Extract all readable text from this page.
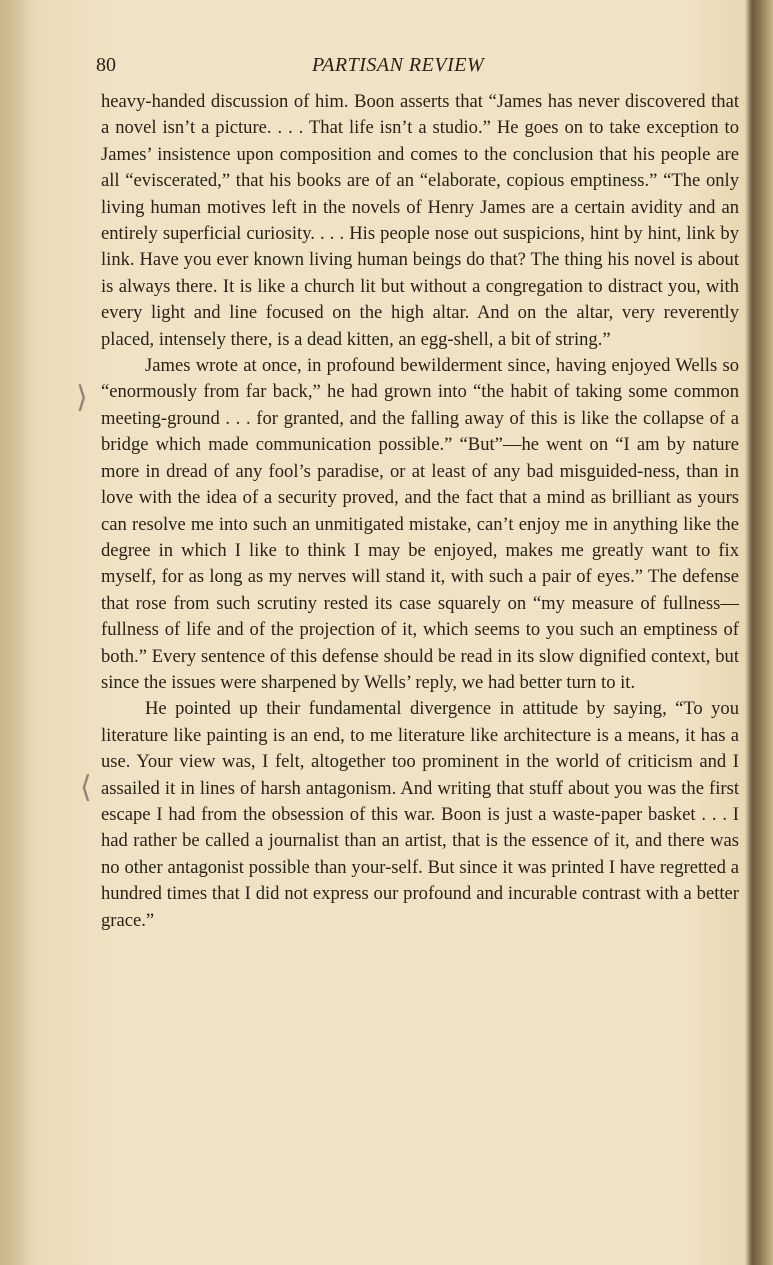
80	PARTISAN REVIEW

heavy-handed discussion of him. Boon asserts that “James has never discovered that a novel isn’t a picture. . . . That life isn’t a studio.” He goes on to take exception to James’ insistence upon composition and comes to the conclusion that his people are all “eviscerated,” that his books are of an “elaborate, copious emptiness.” “The only living human motives left in the novels of Henry James are a certain avidity and an entirely superficial curiosity. . . . His people nose out suspicions, hint by hint, link by link. Have you ever known living human beings do that? The thing his novel is about is always there. It is like a church lit but without a congregation to distract you, with every light and line focused on the high altar. And on the altar, very reverently placed, intensely there, is a dead kitten, an egg-shell, a bit of string.”

James wrote at once, in profound bewilderment since, having enjoyed Wells so “enormously from far back,” he had grown into “the habit of taking some common meeting-ground . . . for granted, and the falling away of this is like the collapse of a bridge which made communication possible.” “But”—he went on “I am by nature more in dread of any fool’s paradise, or at least of any bad misguided-ness, than in love with the idea of a security proved, and the fact that a mind as brilliant as yours can resolve me into such an unmitigated mistake, can’t enjoy me in anything like the degree in which I like to think I may be enjoyed, makes me greatly want to fix myself, for as long as my nerves will stand it, with such a pair of eyes.” The defense that rose from such scrutiny rested its case squarely on “my measure of fullness—fullness of life and of the projection of it, which seems to you such an emptiness of both.” Every sentence of this defense should be read in its slow dignified context, but since the issues were sharpened by Wells’ reply, we had better turn to it.

He pointed up their fundamental divergence in attitude by saying, “To you literature like painting is an end, to me literature like architecture is a means, it has a use. Your view was, I felt, altogether too prominent in the world of criticism and I assailed it in lines of harsh antagonism. And writing that stuff about you was the first escape I had from the obsession of this war. Boon is just a waste-paper basket . . . I had rather be called a journalist than an artist, that is the essence of it, and there was no other antagonist possible than your-self. But since it was printed I have regretted a hundred times that I did not express our profound and incurable contrast with a better grace.”

⟩
⟨
